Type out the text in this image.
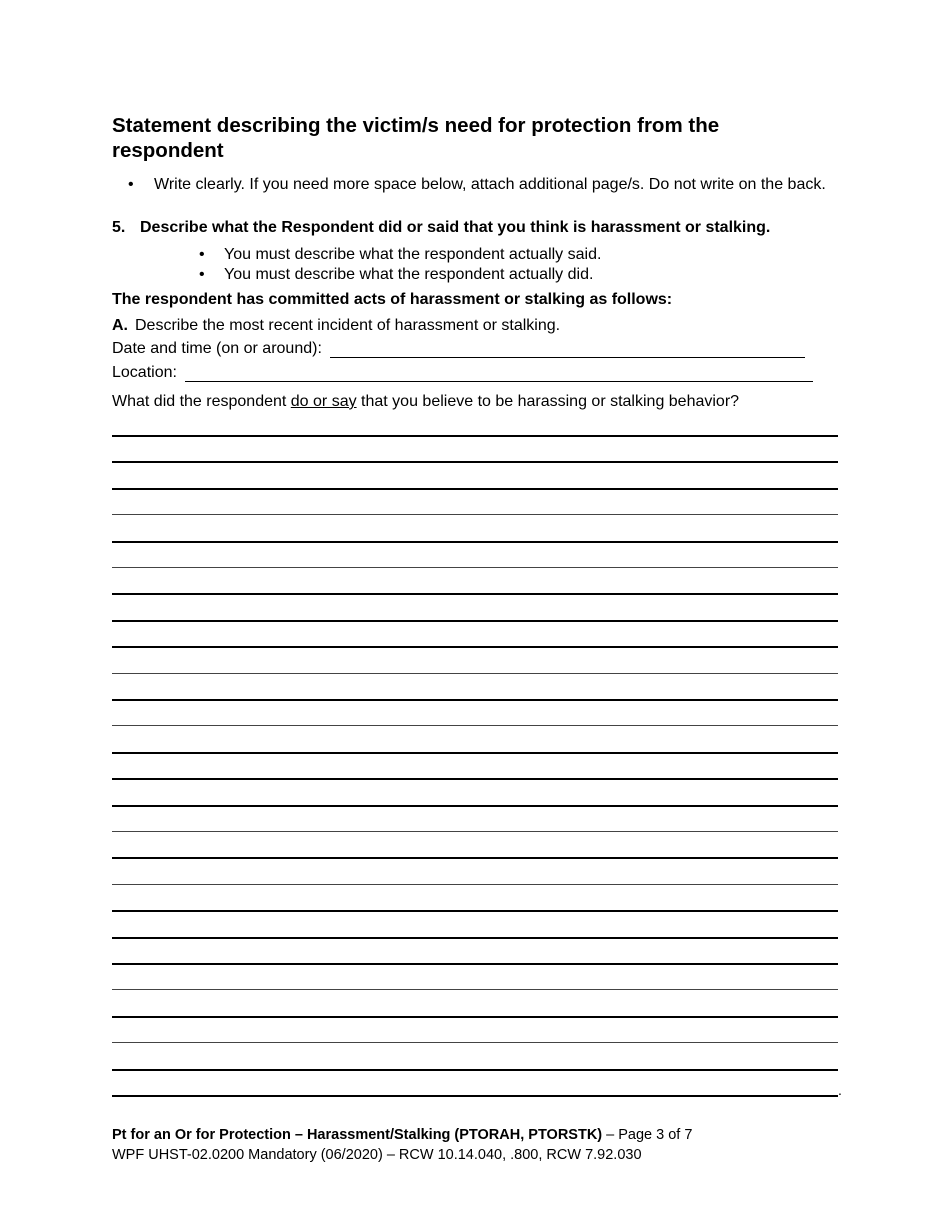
Statement describing the victim/s need for protection from the respondent
• Write clearly. If you need more space below, attach additional page/s. Do not write on the back.
5. Describe what the Respondent did or said that you think is harassment or stalking.
• You must describe what the respondent actually said.
• You must describe what the respondent actually did.
The respondent has committed acts of harassment or stalking as follows:
A. Describe the most recent incident of harassment or stalking.
Date and time (on or around):
Location:
What did the respondent do or say that you believe to be harassing or stalking behavior?
.
Pt for an Or for Protection – Harassment/Stalking (PTORAH, PTORSTK) – Page 3 of 7
WPF UHST-02.0200 Mandatory (06/2020) – RCW 10.14.040, .800, RCW 7.92.030
